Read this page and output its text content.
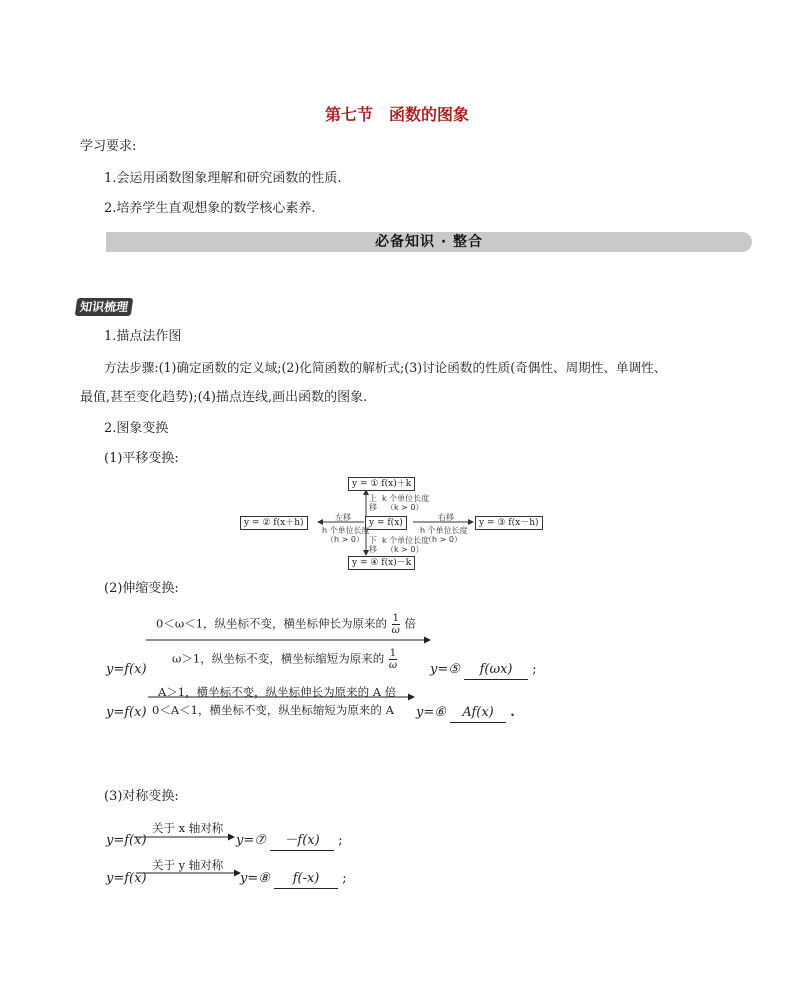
第七节　函数的图象
学习要求:
1.会运用函数图象理解和研究函数的性质.
2.培养学生直观想象的数学核心素养.
必备知识 · 整合
知识梳理
1.描点法作图
方法步骤:(1)确定函数的定义域;(2)化简函数的解析式;(3)讨论函数的性质(奇偶性、周期性、单调性、
最值,甚至变化趋势);(4)描点连线,画出函数的图象.
2.图象变换
(1)平移变换:
y = ① f(x)＋k
y = ② f(x＋h)	y = f(x)	y = ③ f(x－h)
y = ④ f(x)－k
上
移
k 个单位长度
（k > 0）
左移
h 个单位长度
（h > 0）
右移
h 个单位长度
（h > 0）
下
移
k 个单位长度
（k > 0）
(2)伸缩变换:
0＜ω＜1，纵坐标不变，横坐标伸长为原来的 $\frac{1}{\omega}$ 倍
ω＞1，纵坐标不变，横坐标缩短为原来的 $\frac{1}{\omega}$
y=f(x)	y=⑤ f(ωx) ;
A＞1，横坐标不变，纵坐标伸长为原来的 A 倍
0＜A＜1，横坐标不变，纵坐标缩短为原来的 A
y=f(x)	y=⑥ Af(x) .
(3)对称变换:
关于 x 轴对称
y=f(x)	y=⑦ －f(x) ;
关于 y 轴对称
y=f(x)	y=⑧ f(-x) ;
